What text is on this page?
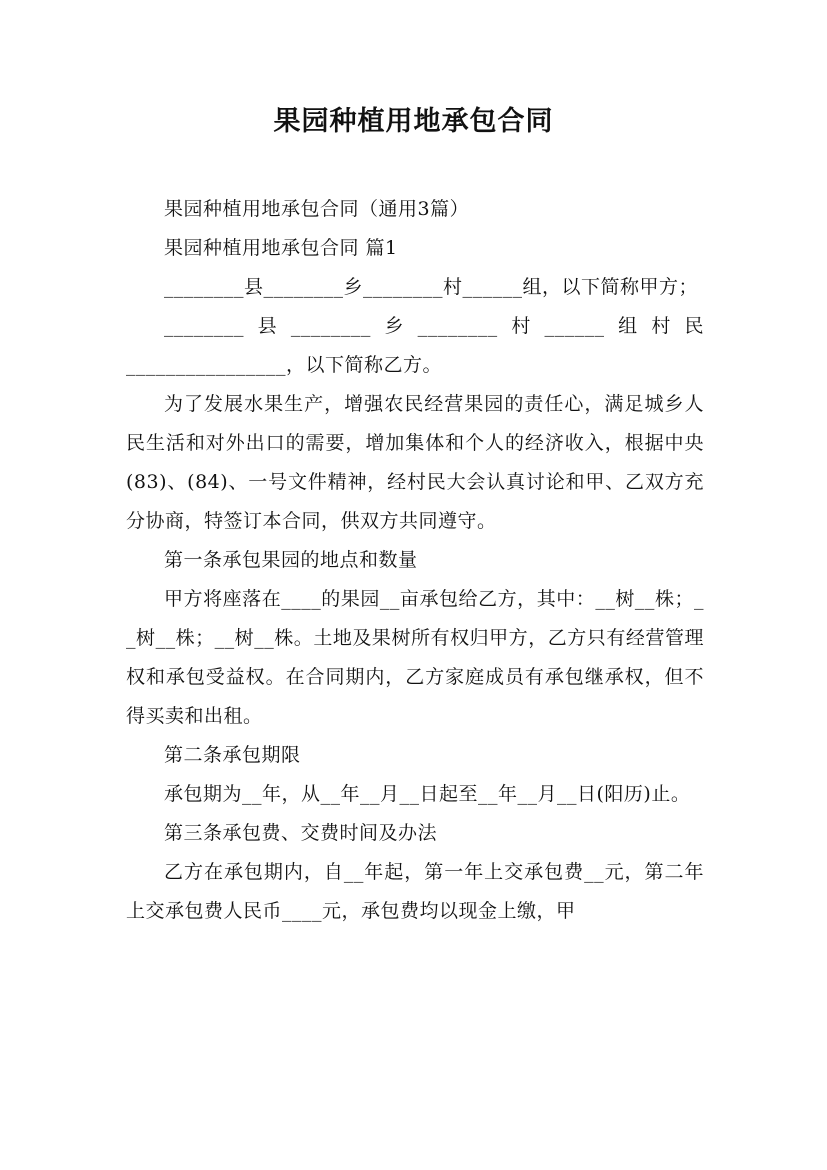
果园种植用地承包合同

果园种植用地承包合同（通用3篇）

果园种植用地承包合同 篇1

________县________乡________村______组，以下简称甲方；

________县________乡________村______组村民

________________，以下简称乙方。

为了发展水果生产，增强农民经营果园的责任心，满足城乡人民生活和对外出口的需要，增加集体和个人的经济收入，根据中央(83)、(84)、一号文件精神，经村民大会认真讨论和甲、乙双方充分协商，特签订本合同，供双方共同遵守。

第一条承包果园的地点和数量

甲方将座落在____的果园__亩承包给乙方，其中：__树__株；__树__株；__树__株。土地及果树所有权归甲方，乙方只有经营管理权和承包受益权。在合同期内，乙方家庭成员有承包继承权，但不得买卖和出租。

第二条承包期限

承包期为__年，从__年__月__日起至__年__月__日(阳历)止。

第三条承包费、交费时间及办法

乙方在承包期内，自__年起，第一年上交承包费__元，第二年上交承包费人民币____元，承包费均以现金上缴，甲
